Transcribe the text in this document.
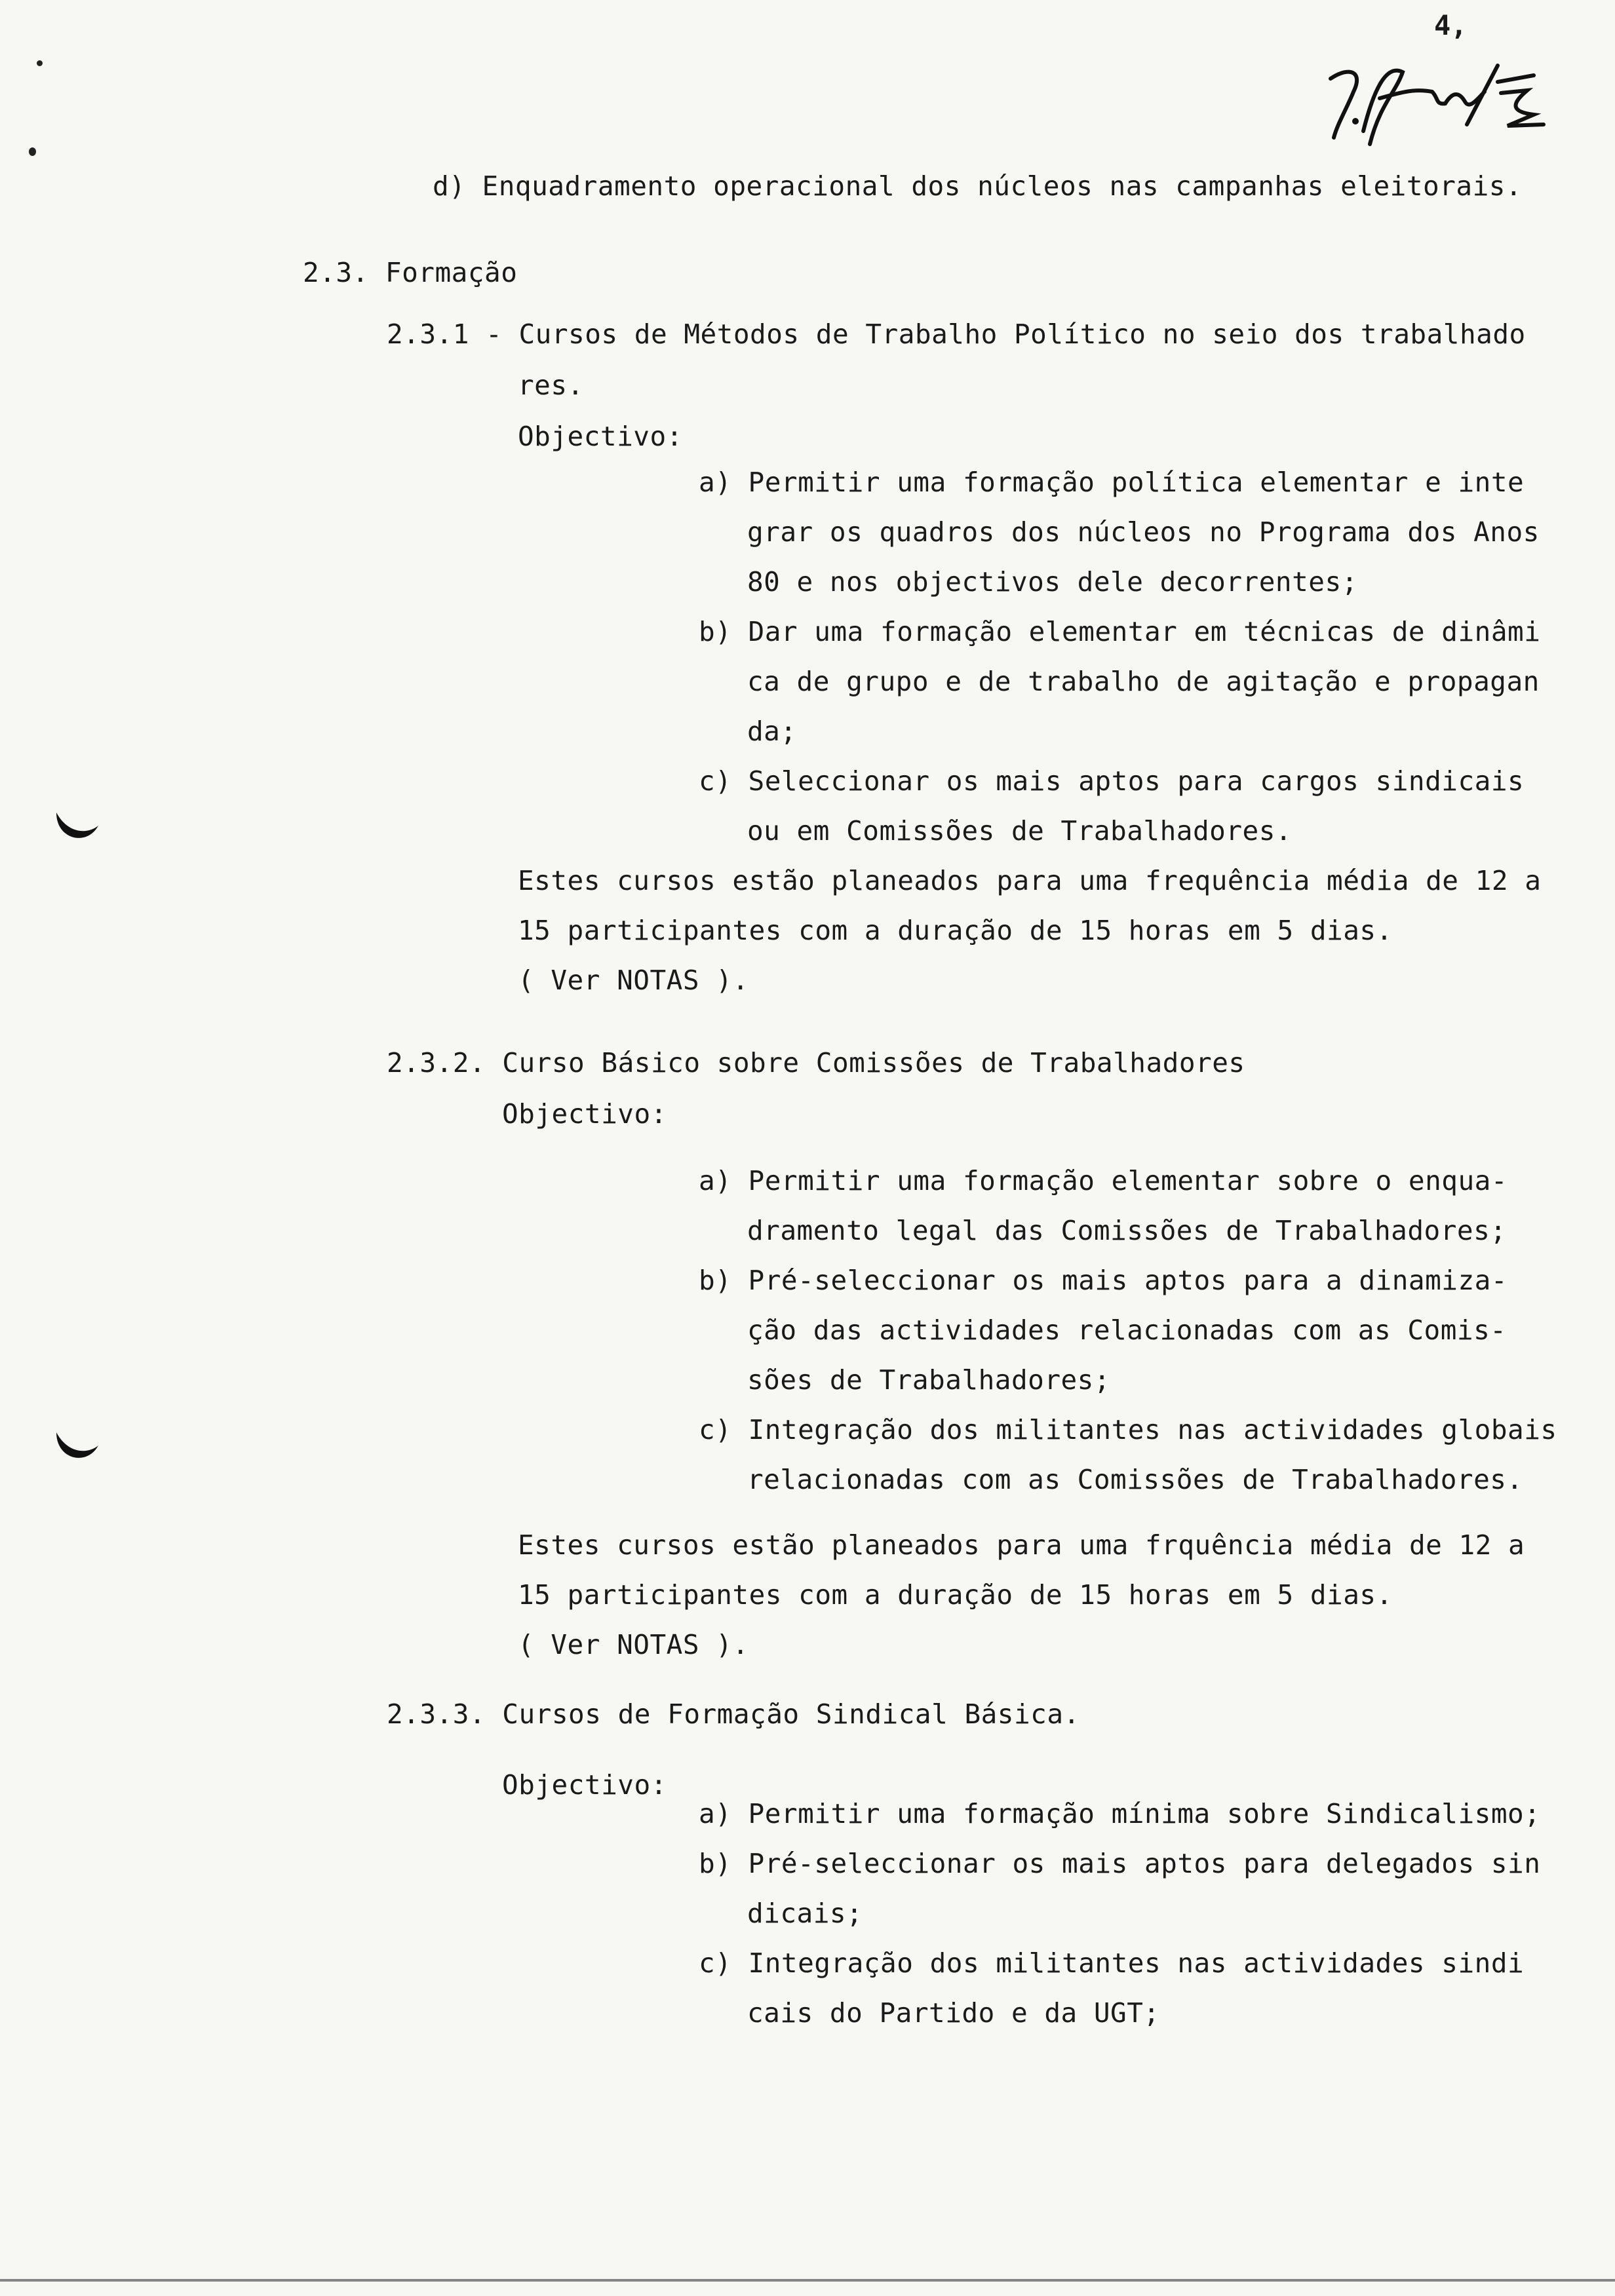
4,
d) Enquadramento operacional dos núcleos nas campanhas eleitorais.
2.3. Formação
2.3.1 - Cursos de Métodos de Trabalho Político no seio dos trabalhado
res.
Objectivo:
a) Permitir uma formação política elementar e inte
grar os quadros dos núcleos no Programa dos Anos
80 e nos objectivos dele decorrentes;
b) Dar uma formação elementar em técnicas de dinâmi
ca de grupo e de trabalho de agitação e propagan
da;
c) Seleccionar os mais aptos para cargos sindicais
ou em Comissões de Trabalhadores.
Estes cursos estão planeados para uma frequência média de 12 a
15 participantes com a duração de 15 horas em 5 dias.
( Ver NOTAS ).
2.3.2. Curso Básico sobre Comissões de Trabalhadores
Objectivo:
a) Permitir uma formação elementar sobre o enqua-
dramento legal das Comissões de Trabalhadores;
b) Pré-seleccionar os mais aptos para a dinamiza-
ção das actividades relacionadas com as Comis-
sões de Trabalhadores;
c) Integração dos militantes nas actividades globais
relacionadas com as Comissões de Trabalhadores.
Estes cursos estão planeados para uma frquência média de 12 a
15 participantes com a duração de 15 horas em 5 dias.
( Ver NOTAS ).
2.3.3. Cursos de Formação Sindical Básica.
Objectivo:
a) Permitir uma formação mínima sobre Sindicalismo;
b) Pré-seleccionar os mais aptos para delegados sin
dicais;
c) Integração dos militantes nas actividades sindi
cais do Partido e da UGT;
